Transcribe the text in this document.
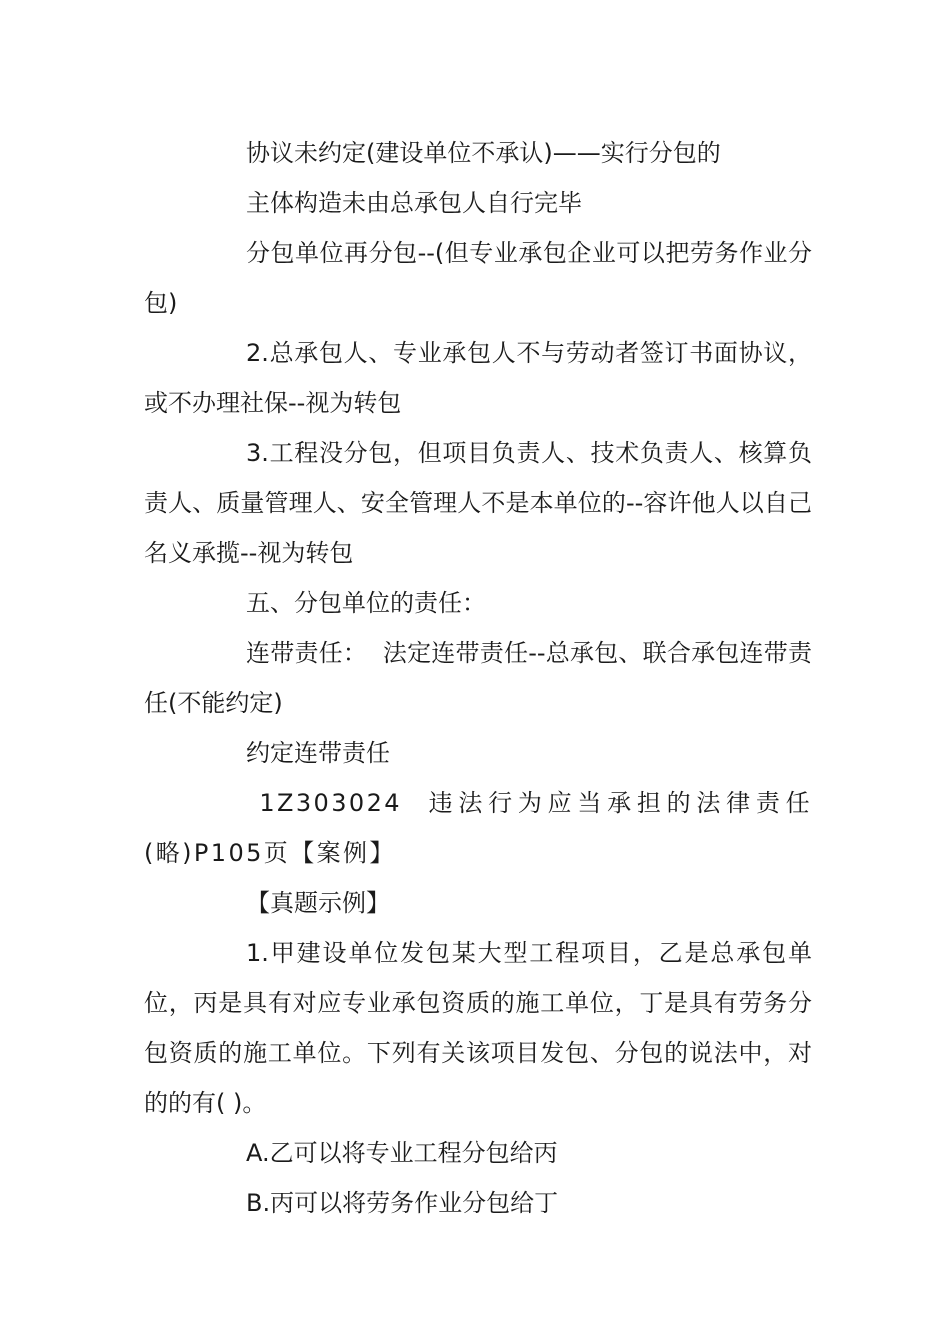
协议未约定(建设单位不承认)——实行分包的

主体构造未由总承包人自行完毕

分包单位再分包--(但专业承包企业可以把劳务作业分包)

2.总承包人、专业承包人不与劳动者签订书面协议，或不办理社保--视为转包

3.工程没分包，但项目负责人、技术负责人、核算负责人、质量管理人、安全管理人不是本单位的--容许他人以自己名义承揽--视为转包

五、分包单位的责任：

连带责任：  法定连带责任--总承包、联合承包连带责任(不能约定)

约定连带责任

1Z303024  违法行为应当承担的法律责任(略)P105页【案例】

【真题示例】

1.甲建设单位发包某大型工程项目，乙是总承包单位，丙是具有对应专业承包资质的施工单位，丁是具有劳务分包资质的施工单位。下列有关该项目发包、分包的说法中，对的的有( )。

A.乙可以将专业工程分包给丙

B.丙可以将劳务作业分包给丁
